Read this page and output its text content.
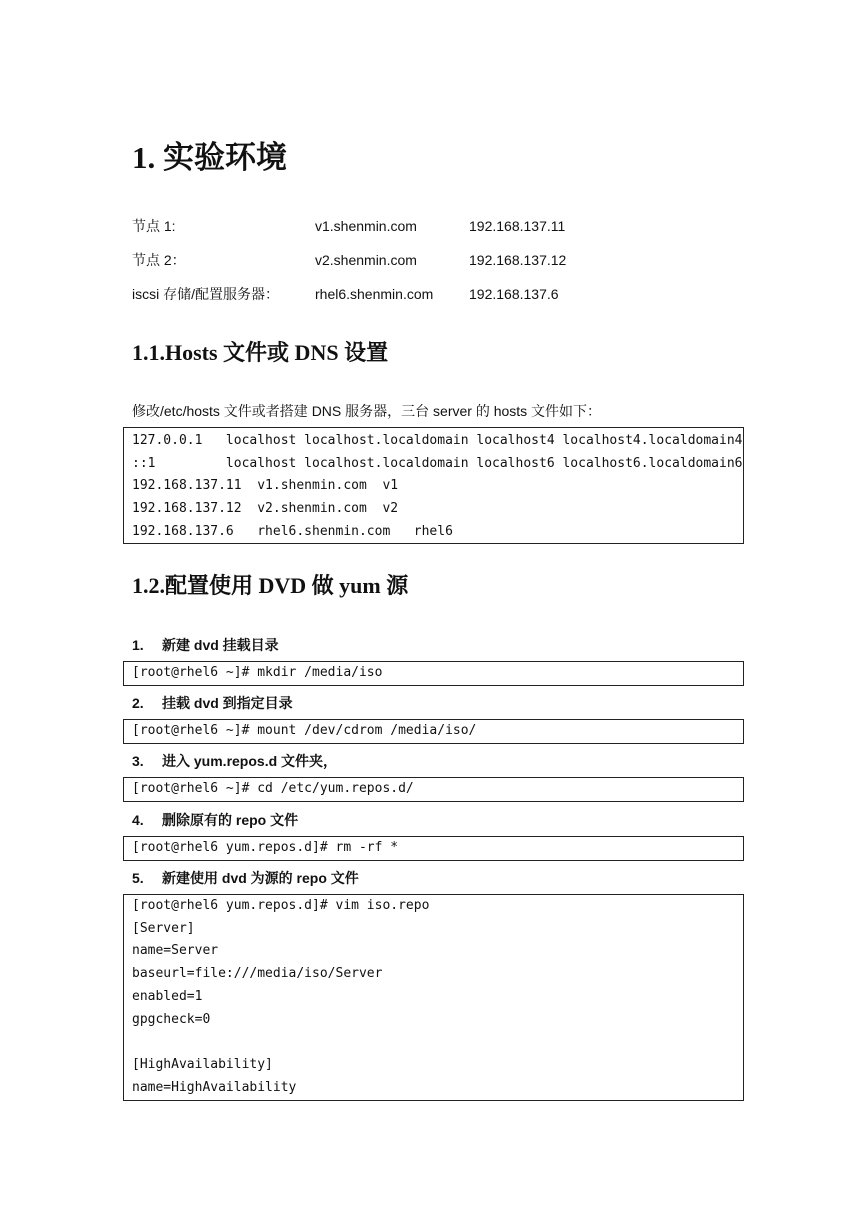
1. 实验环境
节点 1:	v1.shenmin.com	192.168.137.11
节点 2：	v2.shenmin.com	192.168.137.12
iscsi 存储/配置服务器：	rhel6.shenmin.com	192.168.137.6
1.1.Hosts 文件或 DNS 设置
修改/etc/hosts 文件或者搭建 DNS 服务器，三台 server 的 hosts 文件如下：
127.0.0.1   localhost localhost.localdomain localhost4 localhost4.localdomain4
::1         localhost localhost.localdomain localhost6 localhost6.localdomain6
192.168.137.11  v1.shenmin.com  v1
192.168.137.12  v2.shenmin.com  v2
192.168.137.6   rhel6.shenmin.com   rhel6
1.2.配置使用 DVD 做 yum 源
1. 新建 dvd 挂载目录
[root@rhel6 ~]# mkdir /media/iso
2. 挂载 dvd 到指定目录
[root@rhel6 ~]# mount /dev/cdrom /media/iso/
3. 进入 yum.repos.d 文件夹，
[root@rhel6 ~]# cd /etc/yum.repos.d/
4. 删除原有的 repo 文件
[root@rhel6 yum.repos.d]# rm -rf *
5. 新建使用 dvd 为源的 repo 文件
[root@rhel6 yum.repos.d]# vim iso.repo
[Server]
name=Server
baseurl=file:///media/iso/Server
enabled=1
gpgcheck=0

[HighAvailability]
name=HighAvailability
